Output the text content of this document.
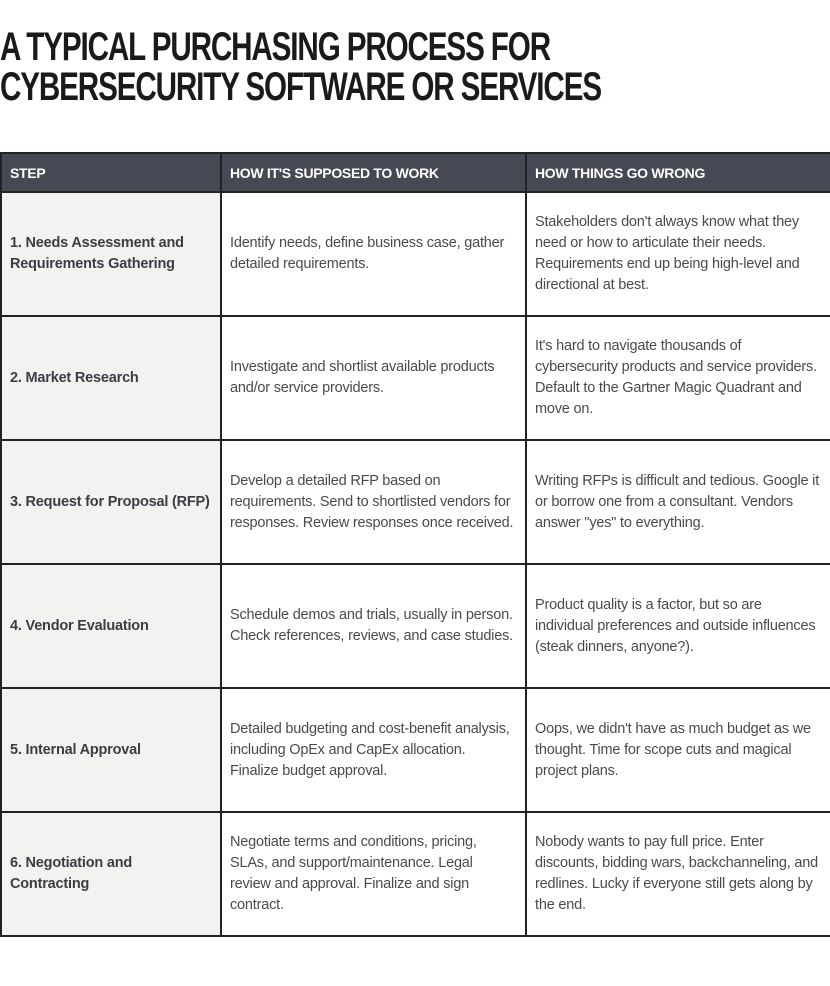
A TYPICAL PURCHASING PROCESS FOR
CYBERSECURITY SOFTWARE OR SERVICES
STEP	HOW IT'S SUPPOSED TO WORK	HOW THINGS GO WRONG
1. Needs Assessment and Requirements Gathering	Identify needs, define business case, gather detailed requirements.	Stakeholders don't always know what they need or how to articulate their needs. Requirements end up being high-level and directional at best.
2. Market Research	Investigate and shortlist available products and/or service providers.	It's hard to navigate thousands of cybersecurity products and service providers. Default to the Gartner Magic Quadrant and move on.
3. Request for Proposal (RFP)	Develop a detailed RFP based on requirements. Send to shortlisted vendors for responses. Review responses once received.	Writing RFPs is difficult and tedious. Google it or borrow one from a consultant. Vendors answer "yes" to everything.
4. Vendor Evaluation	Schedule demos and trials, usually in person. Check references, reviews, and case studies.	Product quality is a factor, but so are individual preferences and outside influences (steak dinners, anyone?).
5. Internal Approval	Detailed budgeting and cost-benefit analysis, including OpEx and CapEx allocation. Finalize budget approval.	Oops, we didn't have as much budget as we thought. Time for scope cuts and magical project plans.
6. Negotiation and Contracting	Negotiate terms and conditions, pricing, SLAs, and support/maintenance. Legal review and approval. Finalize and sign contract.	Nobody wants to pay full price. Enter discounts, bidding wars, backchanneling, and redlines. Lucky if everyone still gets along by the end.
